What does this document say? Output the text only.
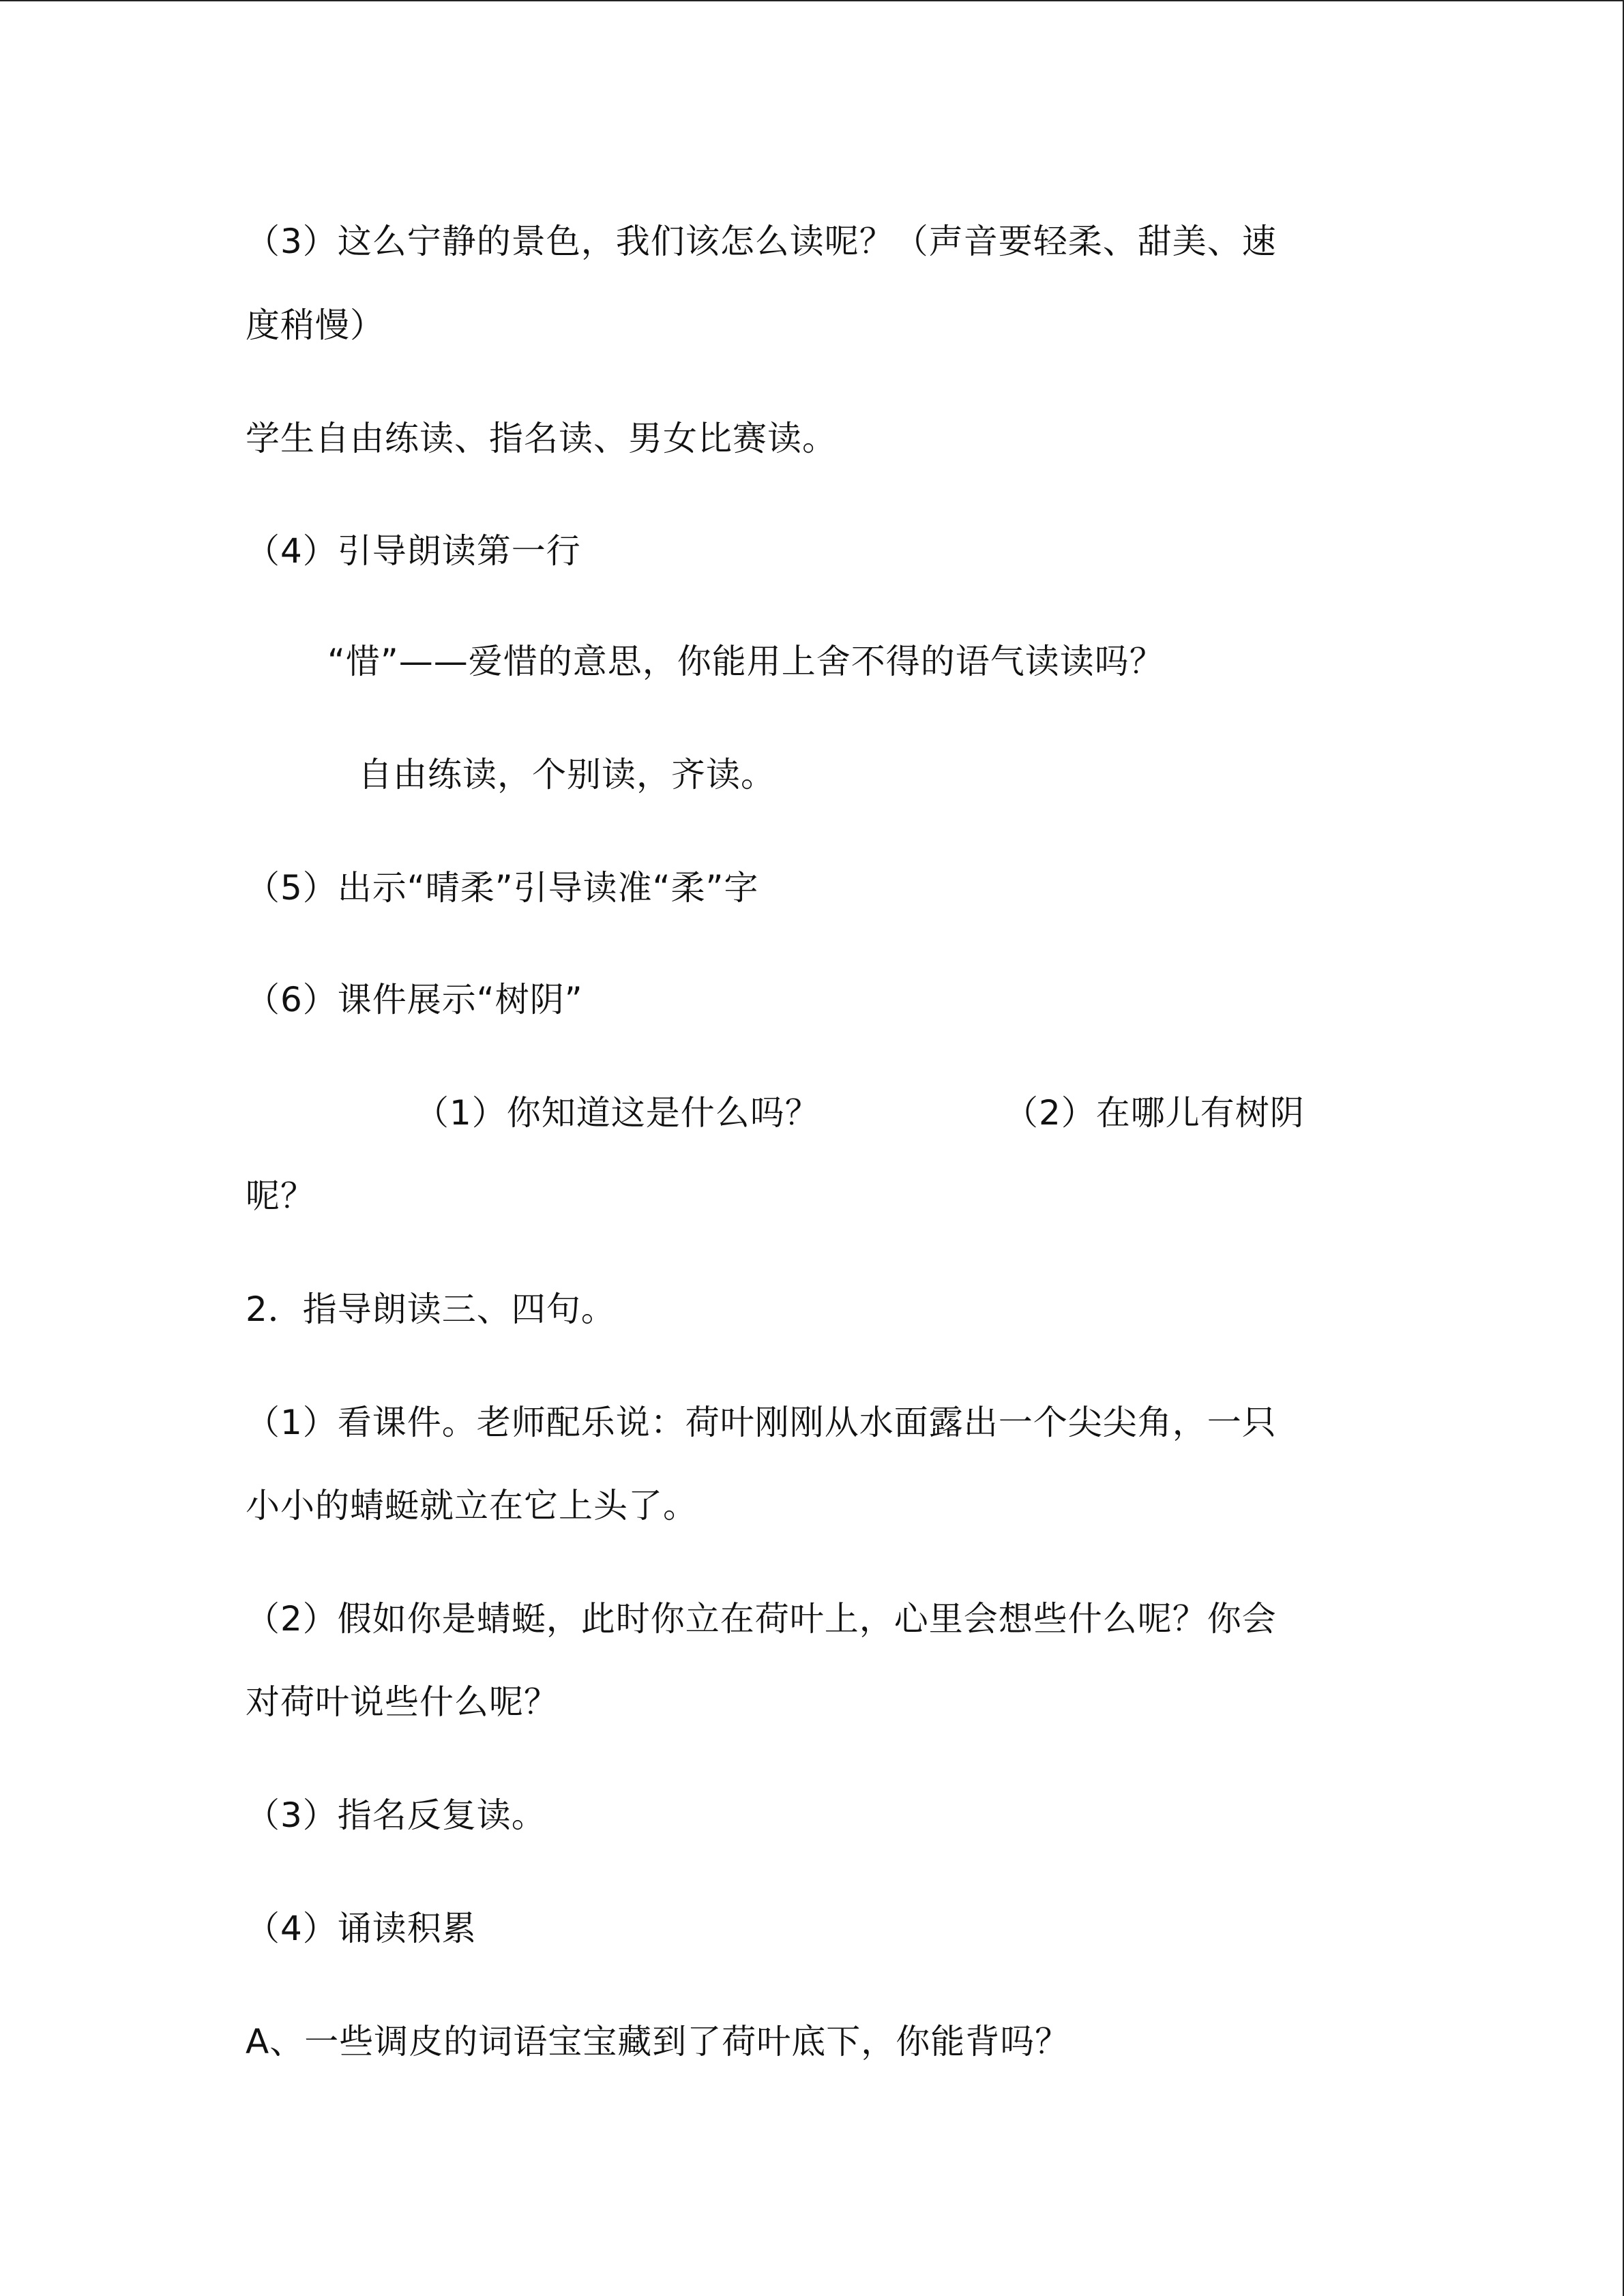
（3）这么宁静的景色，我们该怎么读呢？（声音要轻柔、甜美、速
度稍慢）
学生自由练读、指名读、男女比赛读。
（4）引导朗读第一行
“惜”——爱惜的意思，你能用上舍不得的语气读读吗？
自由练读，个别读，齐读。
（5）出示“晴柔”引导读准“柔”字
（6）课件展示“树阴”
（1）你知道这是什么吗？	（2）在哪儿有树阴
呢？
2．指导朗读三、四句。
（1）看课件。老师配乐说：荷叶刚刚从水面露出一个尖尖角，一只
小小的蜻蜓就立在它上头了。
（2）假如你是蜻蜓，此时你立在荷叶上，心里会想些什么呢？你会
对荷叶说些什么呢？
（3）指名反复读。
（4）诵读积累
A、一些调皮的词语宝宝藏到了荷叶底下，你能背吗？
